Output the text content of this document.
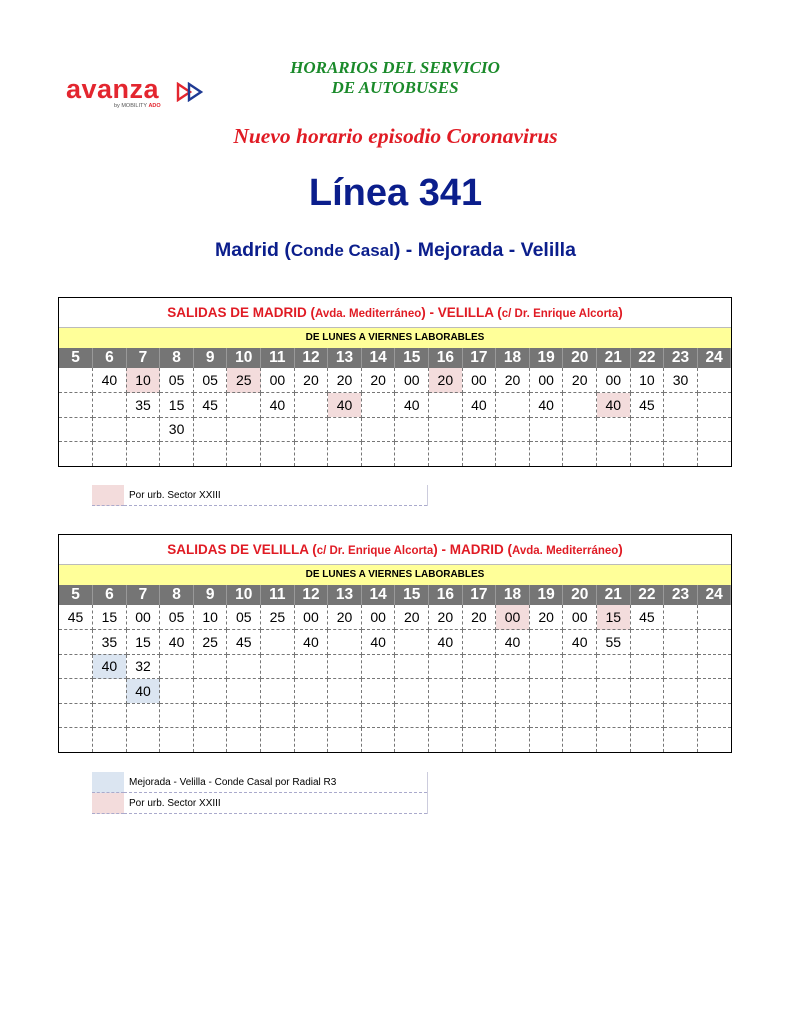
avanza
by MOBILITY ADO
HORARIOS DEL SERVICIO
DE AUTOBUSES
Nuevo horario episodio Coronavirus
Línea 341
Madrid (Conde Casal) - Mejorada - Velilla
SALIDAS DE MADRID (Avda. Mediterráneo) - VELILLA (c/ Dr. Enrique Alcorta)
DE LUNES A VIERNES LABORABLES
5	6	7	8	9	10	11	12	13	14	15	16	17	18	19	20	21	22	23	24
	40	10	05	05	25	00	20	20	20	00	20	00	20	00	20	00	10	30	
		35	15	45		40		40		40		40		40		40	45		
			30																

	Por urb. Sector XXIII
SALIDAS DE VELILLA (c/ Dr. Enrique Alcorta) - MADRID (Avda. Mediterráneo)
DE LUNES A VIERNES LABORABLES
5	6	7	8	9	10	11	12	13	14	15	16	17	18	19	20	21	22	23	24
45	15	00	05	10	05	25	00	20	00	20	20	20	00	20	00	15	45		
	35	15	40	25	45		40		40		40		40		40	55			
	40	32																	
		40																	

	Mejorada - Velilla - Conde Casal por Radial R3
	Por urb. Sector XXIII
